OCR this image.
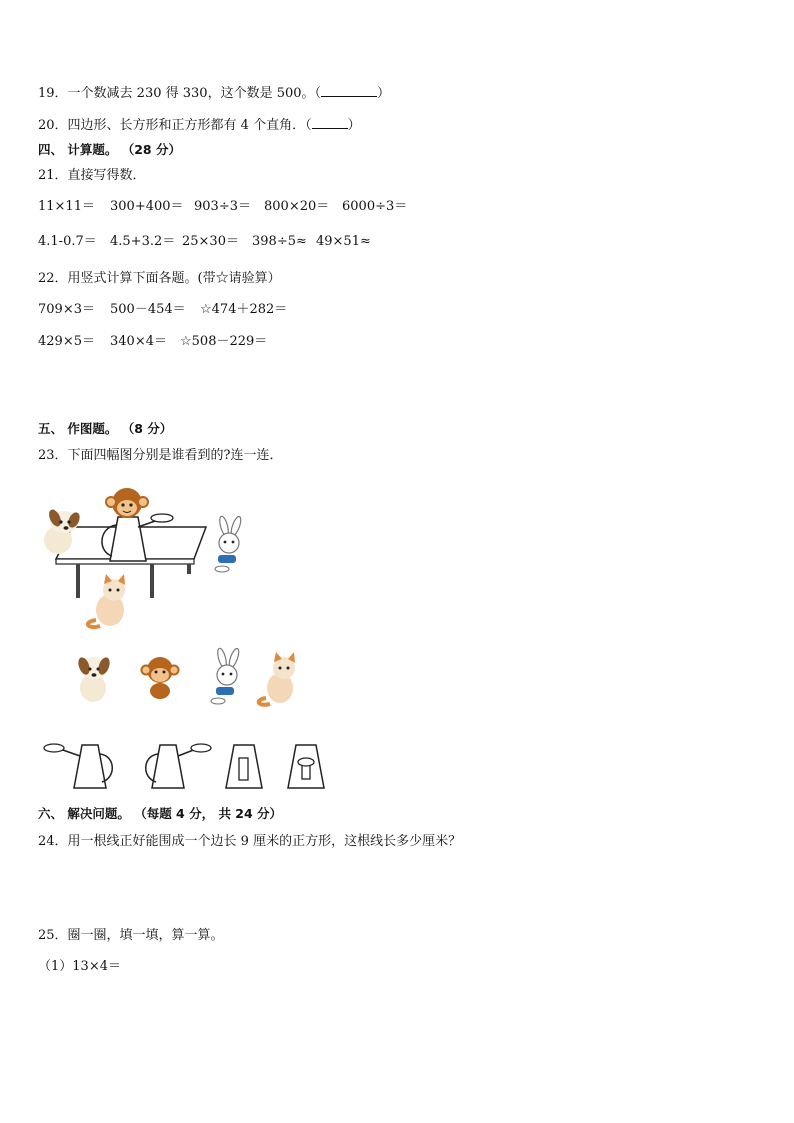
19．一个数减去 230 得 330，这个数是 500。（	）
20．四边形、长方形和正方形都有 4 个直角．（	）
四、 计算题。 （28 分）
21．直接写得数．
11×11＝ 300+400＝ 903÷3＝ 800×20＝ 6000÷3＝
4.1-0.7＝ 4.5+3.2＝ 25×30＝ 398÷5≈ 49×51≈
22．用竖式计算下面各题。(带☆请验算）
709×3＝ 500－454＝ ☆474＋282＝
429×5＝ 340×4＝ ☆508－229＝
五、 作图题。 （8 分）
23．下面四幅图分别是谁看到的?连一连．
六、 解决问题。 （每题 4 分， 共 24 分）
24．用一根线正好能围成一个边长 9 厘米的正方形，这根线长多少厘米？
25．圈一圈，填一填，算一算。
（1）13×4＝
